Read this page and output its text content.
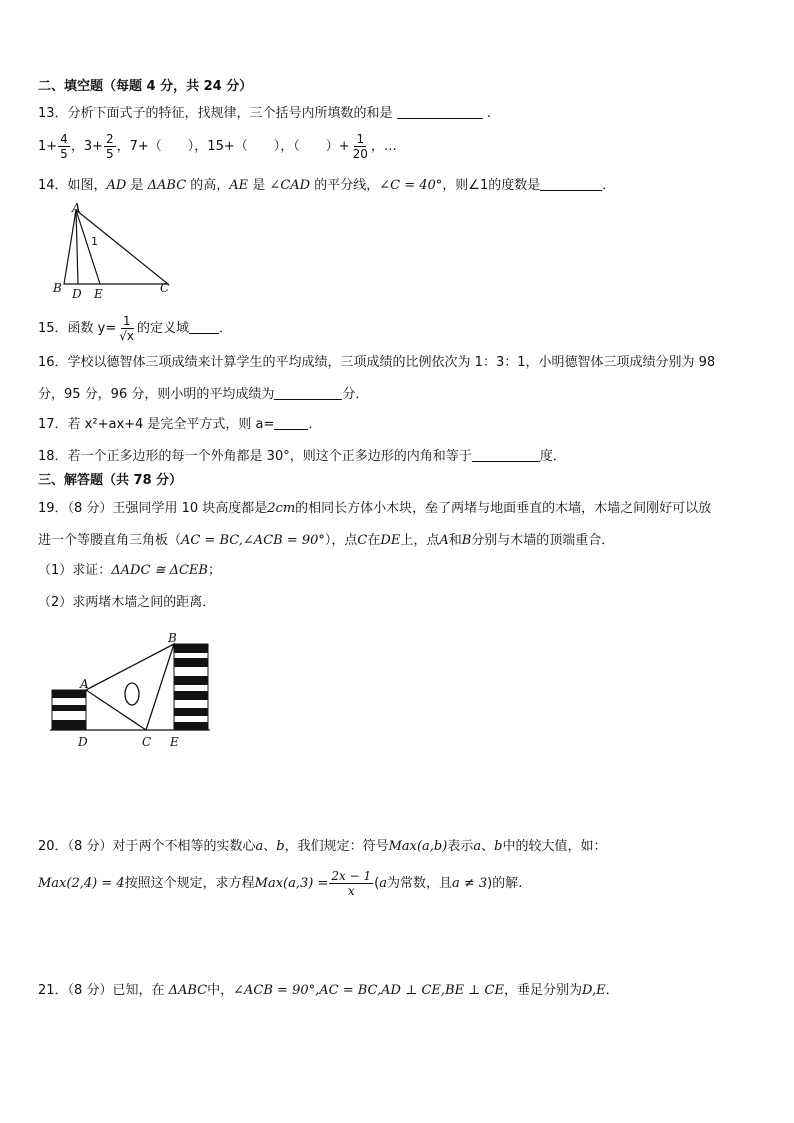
二、填空题（每题 4 分，共 24 分）
13．分析下面式子的特征，找规律，三个括号内所填数的和是	.
$1+ \frac{4}{5}$ ，$3+ \frac{2}{5}$ ，7+（　　），15+（　　），（　　）+ $\frac{1}{20}$ ，…
14．如图，AD 是 ΔABC 的高，AE 是 ∠CAD 的平分线，∠C = 40°，则∠1的度数是	．
A
B D E	C
1
15．函数 $y= \frac{1}{√x}$ 的定义域 ．
16．学校以德智体三项成绩来计算学生的平均成绩，三项成绩的比例依次为 1：3：1，小明德智体三项成绩分别为 98
分，95 分，96 分，则小明的平均成绩为	分．
17．若 x²+ax+4 是完全平方式，则 a=	．
18．若一个正多边形的每一个外角都是 30°，则这个正多边形的内角和等于	度．
三、解答题（共 78 分）
19．（8 分）王强同学用 10 块高度都是2cm的相同长方体小木块，垒了两堵与地面垂直的木墙，木墙之间刚好可以放
进一个等腰直角三角板（AC = BC,∠ACB = 90°），点C在DE上，点A和B分别与木墙的顶端重合．
（1）求证：ΔADC ≅ ΔCEB；
（2）求两堵木墙之间的距离．
A
B
D	C E
20．（8 分）对于两个不相等的实数心a、b，我们规定：符号Max(a,b)表示a、b中的较大值，如：
Max(2,4) = 4按照这个规定，求方程$Max(a,3) = \frac{2x - 1}{x} (a$为常数，且a ≠ 3)的解.
21．（8 分）已知，在 ΔABC中，∠ACB = 90°,AC = BC,AD ⊥ CE,BE ⊥ CE，垂足分别为D,E．
